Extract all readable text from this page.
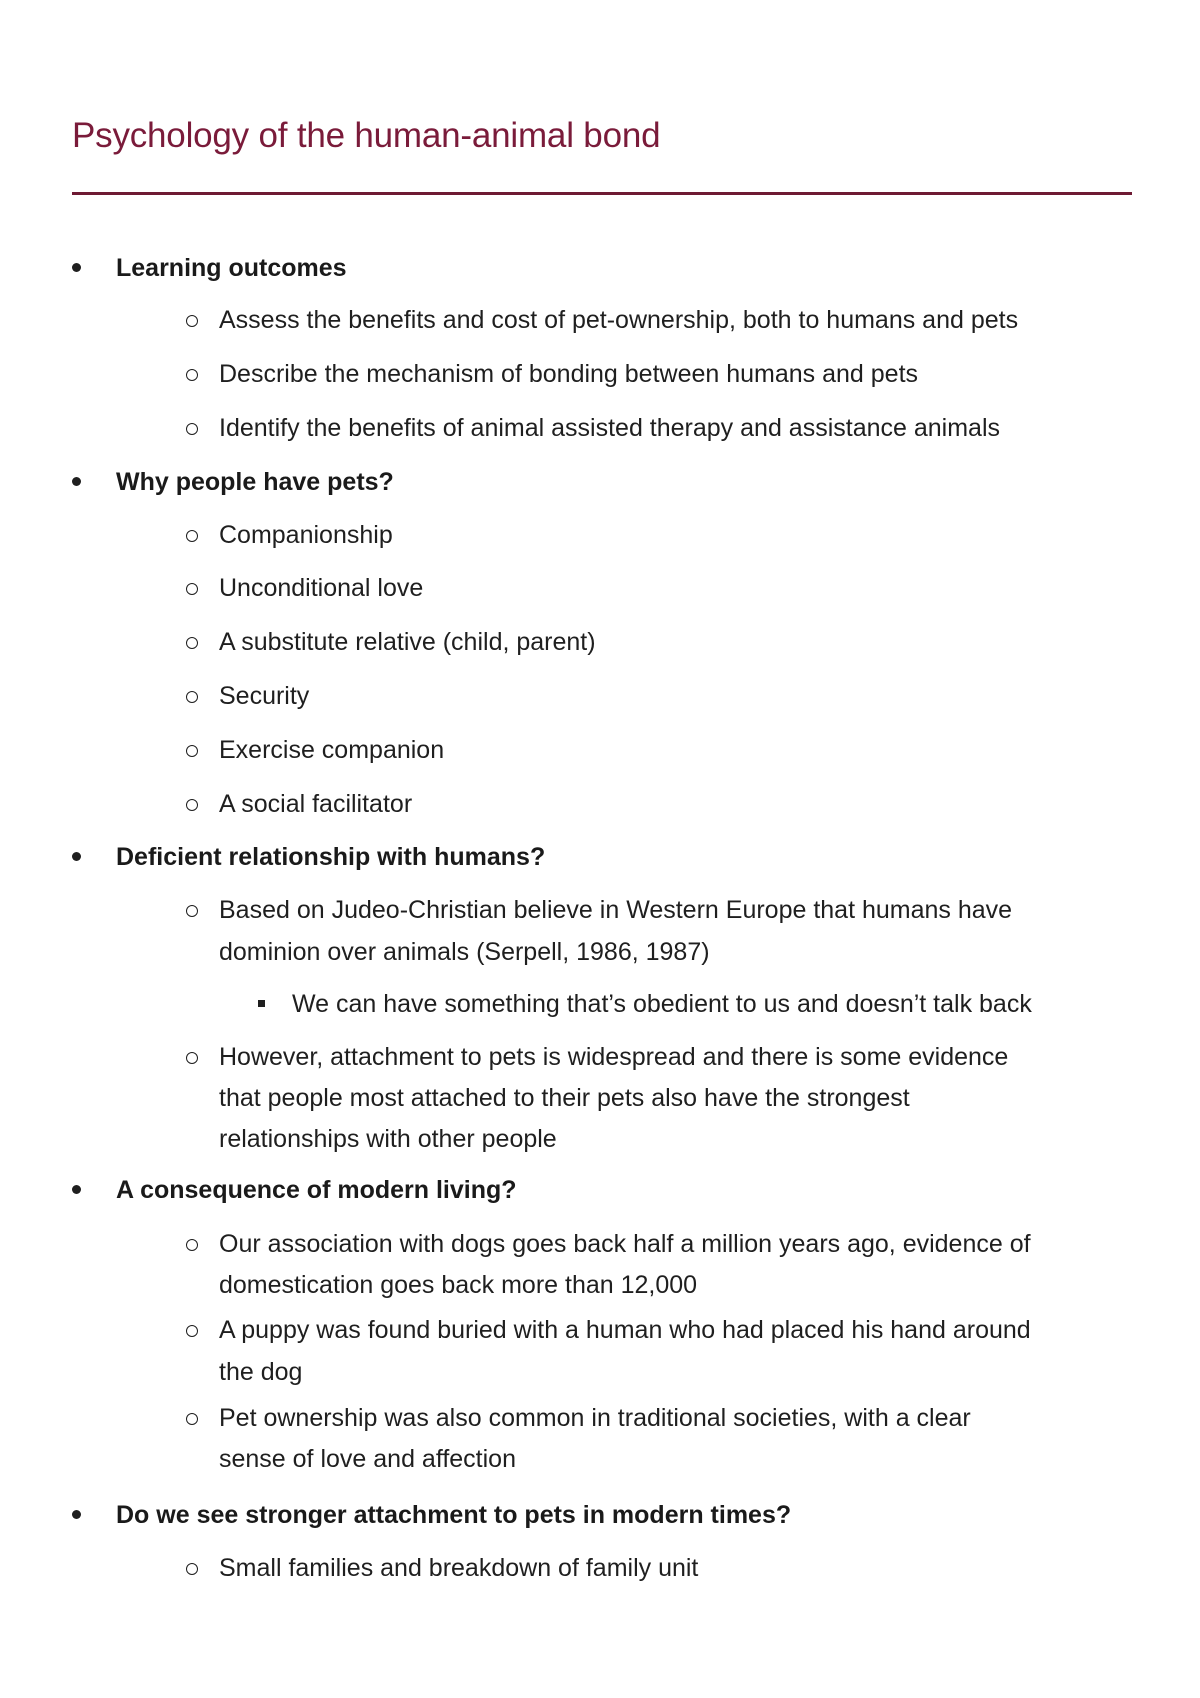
Psychology of the human-animal bond
Learning outcomes
Assess the benefits and cost of pet-ownership, both to humans and pets
Describe the mechanism of bonding between humans and pets
Identify the benefits of animal assisted therapy and assistance animals
Why people have pets?
Companionship
Unconditional love
A substitute relative (child, parent)
Security
Exercise companion
A social facilitator
Deficient relationship with humans?
Based on Judeo-Christian believe in Western Europe that humans have
dominion over animals (Serpell, 1986, 1987)
We can have something that’s obedient to us and doesn’t talk back
However, attachment to pets is widespread and there is some evidence
that people most attached to their pets also have the strongest
relationships with other people
A consequence of modern living?
Our association with dogs goes back half a million years ago, evidence of
domestication goes back more than 12,000
A puppy was found buried with a human who had placed his hand around
the dog
Pet ownership was also common in traditional societies, with a clear
sense of love and affection
Do we see stronger attachment to pets in modern times?
Small families and breakdown of family unit
